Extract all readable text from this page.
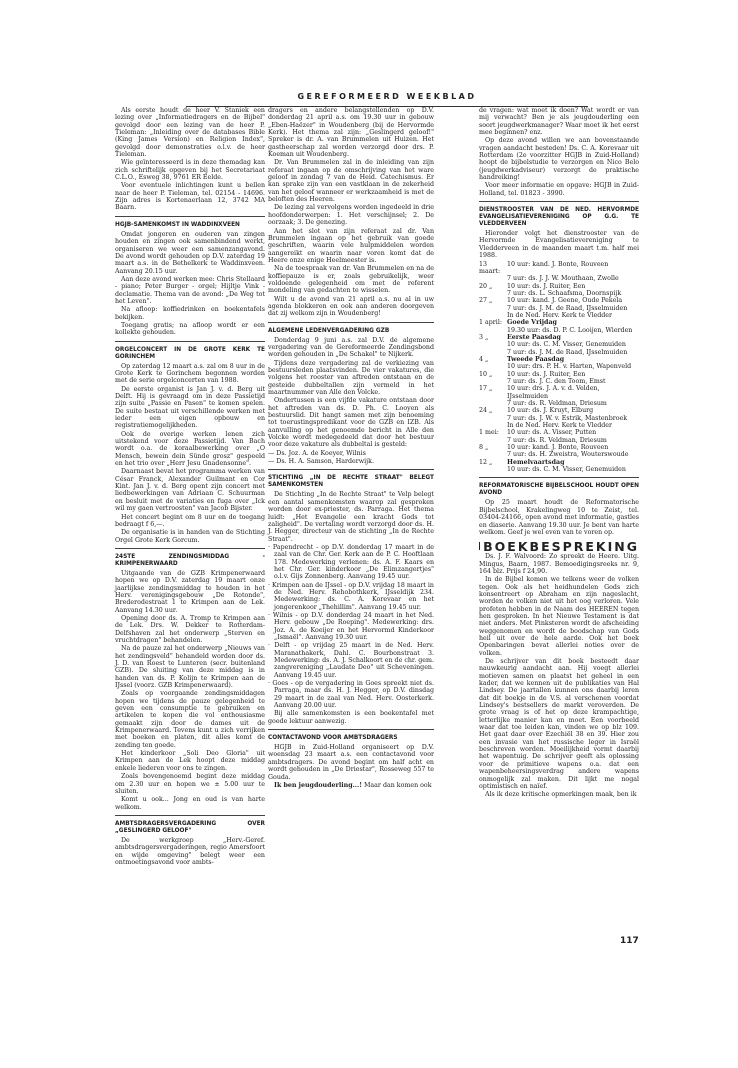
GEREFORMEERD WEEKBLAD

Als eerste houdt de heer V. Staniek een lezing over „Informatiedragers en de Bijbel" gevolgd door een lezing van de heer P. Tieleman: „Inleiding over de databases Bible (King James Version) en Religion Index", gevolgd door demonstraties o.l.v. de heer Tieleman.

Wie geïnteresseerd is in deze themadag kan zich schriftelijk opgeven bij het Secretariaat C.L.O., Esweg 38, 9761 ER Eelde.

Voor eventuele inlichtingen kunt u bellen naar de heer P. Tieleman, tel. 02154 - 14696. Zijn adres is Kortenaerlaan 12, 3742 MA Baarn.

HGJB-SAMENKOMST IN WADDINXVEEN

Omdat jongeren en ouderen van zingen houden en zingen ook samenbindend werkt, organiseren we weer een samenzangavond. De avond wordt gehouden op D.V. zaterdag 19 maart a.s. in de Bethelkerk te Waddinxveen. Aanvang 20.15 uur.

Aan deze avond werken mee: Chris Stellaard - piano; Peter Burger - orgel; Hijltje Vink - declamatie. Thema van de avond: „De Weg tot het Leven".

Na afloop: koffiedrinken en boekentafels bekijken.

Toegang gratis; na afloop wordt er een kollekte gehouden.

ORGELCONCERT IN DE GROTE KERK TE GORINCHEM

Op zaterdag 12 maart a.s. zal om 8 uur in de Grote Kerk te Gorinchem begonnen worden met de serie orgelconcerten van 1988.

De eerste organist is Jan J. v. d. Berg uit Delft. Hij is gevraagd om in deze Passietijd zijn suite „Passie en Pasen" te komen spelen. De suite bestaat uit verschillende werken met ieder een eigen opbouw en registratiemogelijkheden.

Ook de overige werken lenen zich uitstekend voor deze Passietijd. Van Bach wordt o.a. de koraalbewerking over „O Mensch, bewein dein Sünde grosz" gespeeld en het trio over „Herr Jesu Gnadensonne".

Daarnaast bevat het programma werken van César Franck, Alexander Guilmant en Cor Kint. Jan J. v. d. Berg opent zijn concert met liedbewerkingen van Adriaan C. Schuurman en besluit met de variaties en fuga over „Ick wil my gaen vertroosten" van Jacob Bijster.

Het concert begint om 8 uur en de toegang bedraagt f 6,—.

De organisatie is in handen van de Stichting Orgel Grote Kerk Gorcum.

24STE ZENDINGSMIDDAG - KRIMPENERWAARD

Uitgaande van de GZB Krimpenerwaard hopen we op D.V. zaterdag 19 maart onze jaarlijkse zendingsmiddag te houden in het Herv. verenigingsgebouw „De Rotonde", Brederodestraat 1 te Krimpen aan de Lek. Aanvang 14.30 uur.

Opening door ds. A. Tromp te Krimpen aan de Lek. Drs. W. Dekker te Rotterdam-Delfshaven zal het onderwerp „Sterven en vruchtdragen" behandelen.

Na de pauze zal het onderwerp „Nieuws van het zendingsveld" behandeld worden door ds. J. D. van Roest te Lunteren (secr. buitenland GZB). De sluiting van deze middag is in handen van ds. P. Kolijn te Krimpen aan de IJssel (voorz. GZB Krimpenerwaard).

Zoals op voorgaande zendingsmiddagen hopen we tijdens de pauze gelegenheid te geven een consumptie te gebruiken en artikelen te kopen die vol enthousiasme gemaakt zijn door de dames uit de Krimpenerwaard. Tevens kunt u zich verrijken met boeken en platen, dit alles komt de zending ten goede.

Het kinderkoor „Soli Deo Gloria" uit Krimpen aan de Lek hoopt deze middag enkele liederen voor ons te zingen.

Zoals bovengenoemd begint deze middag om 2.30 uur en hopen we ± 5.00 uur te sluiten.

Komt u ook... Jong en oud is van harte welkom.

AMBTSDRAGERSVERGADERING OVER „GESLINGERD GELOOF"

De werkgroep „Herv.-Geref. ambtsdragersvergaderingen, regio Amersfoort en wijde omgeving" belegt weer een ontmoetingsavond voor ambts-

dragers en andere belangstellenden op D.V. donderdag 21 april a.s. om 19.30 uur in gebouw „Eben-Haëzer" in Woudenberg (bij de Hervormde Kerk). Het thema zal zijn: „Geslingerd geloof!" Spreker is dr. A. van Brummelen uit Huizen. Het gastheerschap zal worden verzorgd door drs. P. Koeman uit Woudenberg.

Dr. Van Brummelen zal in de inleiding van zijn referaat ingaan op de omschrijving van het ware geloof in zondag 7 van de Heid. Catechismus. Er kan sprake zijn van een vastklaan in de zekerheid van het geloof wanneer er werkzaamheid is met de beloften des Heeren.

De lezing zal vervolgens worden ingedeeld in drie hoofdonderwerpen: 1. Het verschijnsel; 2. De oorzaak; 3. De genezing.

Aan het slot van zijn referaat zal dr. Van Brummelen ingaan op het gebruik van goede geschriften, waarin vele hulpmiddelen worden aangereikt en waarin naar voren komt dat de Heere onze enige Heelmeester is.

Na de toespraak van dr. Van Brummelen en na de koffiepauze is er, zoals gebruikelijk, weer voldoende gelegenheid om met de referent mondeling van gedachten te wisselen.

Wilt u de avond van 21 april a.s. nu al in uw agenda blokkeren en ook aan anderen doorgeven dat zij welkom zijn in Woudenberg!

ALGEMENE LEDENVERGADERING GZB

Donderdag 9 juni a.s. zal D.V. de algemene vergadering van de Gereformeerde Zendingsbond worden gehouden in „De Schakel" te Nijkerk.

Tijdens deze vergadering zal de verkiezing van bestuursleden plaatsvinden. De vier vakatures, die volgens het rooster van aftreden ontstaan en de gesteide dubbeltallen zijn vermeld in het maartnummer van Alle den Volcke.

Ondertussen is een vijfde vakature ontstaan door het aftreden van ds. D. Ph. C. Looyen als bestuurslid. Dit hangt samen met zijn benoeming tot toerustingspredikant voor de GZB en IZB. Als aanvulling op het genoemde bericht in Alle den Volcke wordt medegedeeld dat door het bestuur voor deze vakature als dubbeltal is gesteld:

— Ds. Joz. A. de Koeyer, Wilnis

— Ds. H. A. Samson, Harderwijk.

STICHTING „IN DE RECHTE STRAAT" BELEGT SAMENKOMSTEN

De Stichting „In de Rechte Straat" te Velp belegt een aantal samenkomsten waarop zal gesproken worden door ex-priester, ds. Parraga. Het thema luidt: „Het Evangelie een kracht Gods tot zaligheid". De vertaling wordt verzorgd door ds. H. J. Hegger, directeur van de stichting „In de Rechte Straat".

· Papendrecht - op D.V. donderdag 17 maart in de zaal van de Chr. Ger. Kerk aan de P. C. Hooftlaan 178. Medewerking verlenen: ds. A. F. Kaars en het Chr. Ger. kinderkoor „De Elimzangertjes" o.l.v. Gijs Zonnenberg. Aanvang 19.45 uur.

· Krimpen aan de IJssel - op D.V. vrijdag 18 maart in de Ned. Herv. Rehobothkerk, IJsseldijk 234. Medewerking: ds. C. A. Korevaar en het jongerenkoor „Thehillim". Aanvang 19.45 uur.

· Wilnis - op D.V. donderdag 24 maart in het Ned. Herv. gebouw „De Roeping". Medewerking: drs. Joz. A. de Koeijer en het Hervormd Kinderkoor „Ismaël". Aanvang 19.30 uur.

· Delft - op vrijdag 25 maart in de Ned. Herv. Maranathakerk, Dahl. C. Bourbonstraat 3. Medewerking: ds. A. J. Schalkoort en de chr. gem. zangvereniging „Laudate Deo" uit Scheveningen. Aanvang 19.45 uur.

· Goes - op de vergadering in Goes spreekt niet ds. Parraga, maar ds. H. J. Hegger, op D.V. dinsdag 29 maart in de zaal van Ned. Herv. Oosterkerk. Aanvang 20.00 uur.

Bij alle samenkomsten is een boekentafel met goede lektuur aanwezig.

CONTACTAVOND VOOR AMBTSDRAGERS

HGJB in Zuid-Holland organiseert op D.V. woensdag 23 maart a.s. een contactavond voor ambtsdragers. De avond begint om half acht en wordt gehouden in „De Driestar", Rosseweg 557 te Gouda.

Ik ben jeugdouderling...! Maar dan komen ook

de vragen: wat moet ik doen? Wat wordt er van mij verwacht? Ben je als jeugdouderling een soort jeugdwerkmanager? Waar moet ik het eerst mee beginnen? enz.

Op deze avond willen we aan bovenstaande vragen aandacht besteden! Ds. C. A. Korevaar uit Rotterdam (2e voorzitter HGJB in Zuid-Holland) hoopt de bijbelstudie te verzorgen en Nico Belo (jeugdwerkadviseur) verzorgt de praktische handreiking!

Voor meer informatie en opgave: HGJB in Zuid-Holland, tel. 01823 - 3990.

DIENSTROOSTER VAN DE NED. HERVORMDE EVANGELISATIEVERENIGING OP G.G. TE VLEDDERVEEN

Hieronder volgt het dienstrooster van de Hervormde Evangelisatievereniging te Vledderveen in de maanden maart t.m. half mei 1988.

13 maart:
10 uur: kand. J. Bonte, Rouveen
7 uur: ds. J. J. W. Mouthaan, Zwolle
20 „	10 uur: ds. J. Ruiter, Een
7 uur: ds. L. Schaafsma, Doornspijk
27 „	10 uur: kand. J. Geene, Oude Pekela
7 uur: ds. J. M. de Raad, IJsselmuiden
In de Ned. Herv. Kerk te Vledder
1 april: Goede Vrijdag
19.30 uur: ds. D. P. C. Looijen, Wierden
3 „	Eerste Paasdag
10 uur: ds. C. M. Visser, Genemuiden
7 uur: ds. J. M. de Raad, IJsselmuiden
4 „	Tweede Paasdag
10 uur: drs. P. H. v. Harten, Wapenveld
10 „	10 uur: ds. J. Ruiter, Een
7 uur: ds. J. C. den Toom, Emst
17 „	10 uur: drs. J. A. v. d. Velden,
IJsselmuiden
7 uur: ds. R. Veldman, Driesum
24 „	10 uur: ds. J. Kruyt, Elburg
7 uur: ds. J. W. v. Estrik, Mastenbroek
In de Ned. Herv. Kerk te Vledder
1 mei:	10 uur: ds. A. Visser, Putten
7 uur: ds. R. Veldman, Driesum
8 „	10 uur: kand. J. Bonte, Rouveen
7 uur: ds. H. Zweistra, Wouterswoude
12 „	Hemelvaartsdag
10 uur: ds. C. M. Visser, Genemuiden
REFORMATORISCHE BIJBELSCHOOL HOUDT OPEN AVOND

Op 25 maart houdt de Reformatorische Bijbelschool, Krakelingweg 10 te Zeist, tel. 03404-24166, open avond met informatie, gastles en diaserie. Aanvang 19.30 uur. Je bent van harte welkom. Geef je wel even van te voren op.

BOEKBESPREKING

Ds. J. F. Walvoord: Zo spreekt de Heere. Uitg. Mingus, Baarn, 1987. Bemoedigingsreeks nr. 9, 164 blz. Prijs f 24,90.

In de Bijbel komen we telkens weer de volken tegen. Ook als het heidhundelen Gods zich konsentreert op Abraham en zijn nageslacht, worden de volken niet uit het oog verloren. Vele profeten hebben in de Naam des HEEREN tegen hen gesproken. In het Nieuwe Testament is dat niet anders. Met Pinksteren wordt de afscheiding weggenomen en wordt de boodschap van Gods heil uit over de hele aarde. Ook het boek Openbaringen bevat allerlei noties over de volken.

De schrijver van dit boek besteedt daar nauwkeurig aandacht aan. Hij voegt allerlei motieven samen en plaatst het geheel in een kader, dat we kennen uit de publikaties van Hal Lindsey. De jaartallen kunnen ons daarbij leren dat dit boekje in de V.S. al verschenen voordat Lindsey's bestsellers de markt veroverden. De grote vraag is of het op deze krampachtige, letterlijke manier kan en moet. Een voorbeeld waar dat toe leiden kan, vinden we op blz 109. Het gaat daar over Ezechiël 38 en 39. Hier zou een invasie van het russische leger in Israël beschreven worden. Moeilijkheid vormt daarbij het wapentuig. De schrijver geeft als oplossing voor de primitieve wapens o.a. dat een wapenbeheersingsverdrag andere wapens onmogelijk zal maken. Dit lijkt me nogal optimistisch en naïef.

Als ik deze kritische opmerkingen maak, ben ik

117
